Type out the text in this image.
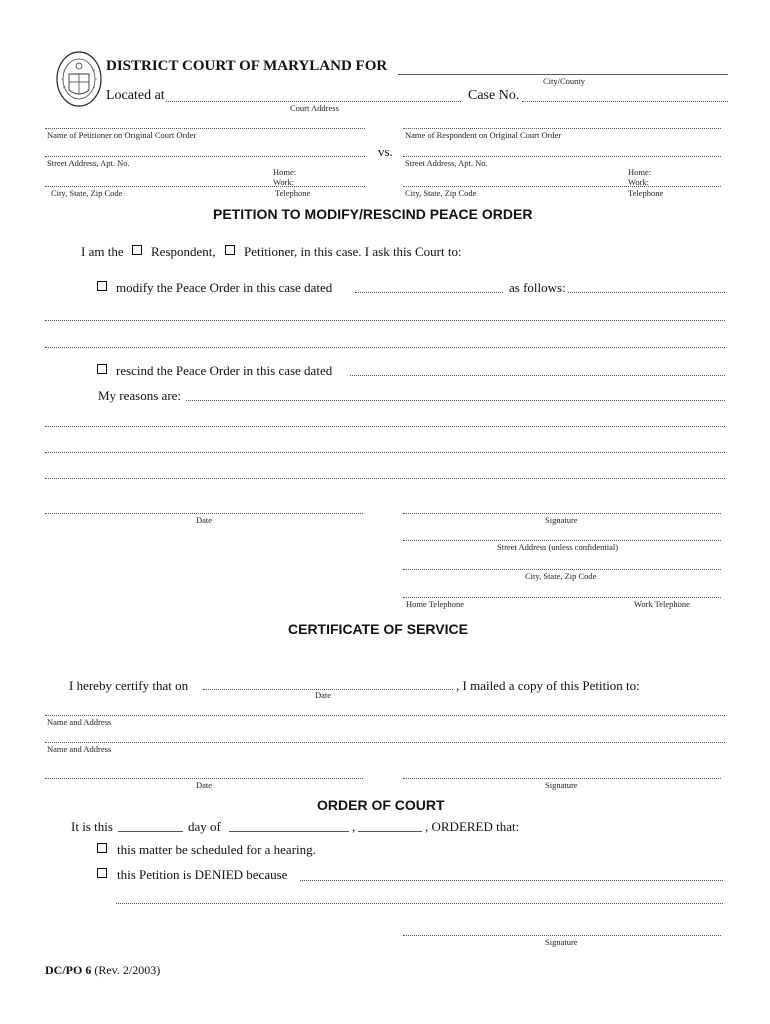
DISTRICT COURT OF MARYLAND FOR
City/County
Located at
Court Address
Case No.
Name of Petitioner on Original Court Order	Name of Respondent on Original Court Order
vs.
Street Address, Apt. No.	Street Address, Apt. No.
Home:
Work:
Home:
Work:
City, State, Zip Code	Telephone	City, State, Zip Code	Telephone
PETITION TO MODIFY/RESCIND PEACE ORDER
I am the Respondent, Petitioner, in this case. I ask this Court to:
modify the Peace Order in this case dated	as follows:
rescind the Peace Order in this case dated
My reasons are:
Date	Signature
Street Address (unless confidential)
City, State, Zip Code
Home Telephone	Work Telephone
CERTIFICATE OF SERVICE
I hereby certify that on
Date
, I mailed a copy of this Petition to:
Name and Address
Name and Address
Date	Signature
ORDER OF COURT
It is this	day of	,	, ORDERED that:
this matter be scheduled for a hearing.
this Petition is DENIED because
Signature
DC/PO 6 (Rev. 2/2003)
